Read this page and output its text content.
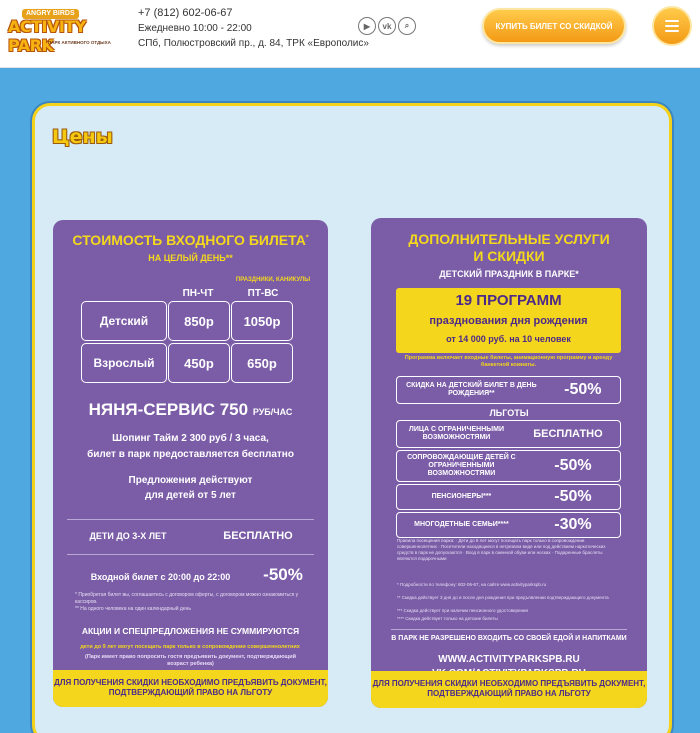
ANGRY BIRDS
ACTIVITY PARK
ПАРК АКТИВНОГО ОТДЫХА
+7 (812) 602-06-67
Ежедневно 10:00 - 22:00
СПб, Полюстровский пр., д. 84, ТРК «Европолис»
▶	vk	⌕	КУПИТЬ БИЛЕТ СО СКИДКОЙ
Цены
СТОИМОСТЬ ВХОДНОГО БИЛЕТА*
НА ЦЕЛЫЙ ДЕНЬ**
ПРАЗДНИКИ, КАНИКУЛЫ
ПН-ЧТ	ПТ-ВС
Детский	850р	1050р
Взрослый	450р	650р
НЯНЯ-СЕРВИС 750 РУБ/ЧАС
Шопинг Тайм 2 300 руб / 3 часа,
билет в парк предоставляется бесплатно
Предложения действуют
для детей от 5 лет
ДЕТИ ДО 3-Х ЛЕТ	БЕСПЛАТНО
Входной билет с 20:00 до 22:00	-50%
* Приобретая билет вы, соглашаетесь с договором оферты, с договором можно ознакомиться у кассиров.
** На одного человека на один календарный день
АКЦИИ И СПЕЦПРЕДЛОЖЕНИЯ НЕ СУММИРУЮТСЯ
дети до 9 лет могут посещать парк только в сопровождении совершеннолетних
(Парк имеет право попросить гостя предъявить документ, подтверждающий возраст ребенка)
ДЛЯ ПОЛУЧЕНИЯ СКИДКИ НЕОБХОДИМО ПРЕДЪЯВИТЬ ДОКУМЕНТ,
ПОДТВЕРЖДАЮЩИЙ ПРАВО НА ЛЬГОТУ
ДОПОЛНИТЕЛЬНЫЕ УСЛУГИ
И СКИДКИ
ДЕТСКИЙ ПРАЗДНИК В ПАРКЕ*
19 ПРОГРАММ
празднования дня рождения
от 14 000 руб. на 10 человек
Программа включает входные билеты, анимационную программу и аренду банкетной комнаты.
СКИДКА НА ДЕТСКИЙ БИЛЕТ В ДЕНЬ РОЖДЕНИЯ**	-50%
ЛЬГОТЫ
ЛИЦА С ОГРАНИЧЕННЫМИ ВОЗМОЖНОСТЯМИ	БЕСПЛАТНО
СОПРОВОЖДАЮЩИЕ ДЕТЕЙ С ОГРАНИЧЕННЫМИ ВОЗМОЖНОСТЯМИ	-50%
ПЕНСИОНЕРЫ***	-50%
МНОГОДЕТНЫЕ СЕМЬИ****	-30%
Правила посещения парка: · Дети до 9 лет могут посещать парк только в сопровождении совершеннолетних · Посетители находящиеся в нетрезвом виде или под действием наркотических средств в парк не допускаются · Вход в парк в сменной обуви или носках · Подаренные браслеты являются подарочными
* Подробности по телефону: 602-06-67, на сайте www.activityparkspb.ru
** Скидка действует 3 дня до и после дня рождения при предъявлении подтверждающего документа
*** Скидка действует при наличии пенсионного удостоверения
**** Скидка действует только на детские билеты
В ПАРК НЕ РАЗРЕШЕНО ВХОДИТЬ СО СВОЕЙ ЕДОЙ И НАПИТКАМИ
WWW.ACTIVITYPARKSPB.RU
ДЛЯ ПОЛУЧЕНИЯ СКИДКИ НЕОБХОДИМО ПРЕДЪЯВИТЬ ДОКУМЕНТ,
ПОДТВЕРЖДАЮЩИЙ ПРАВО НА ЛЬГОТУ
